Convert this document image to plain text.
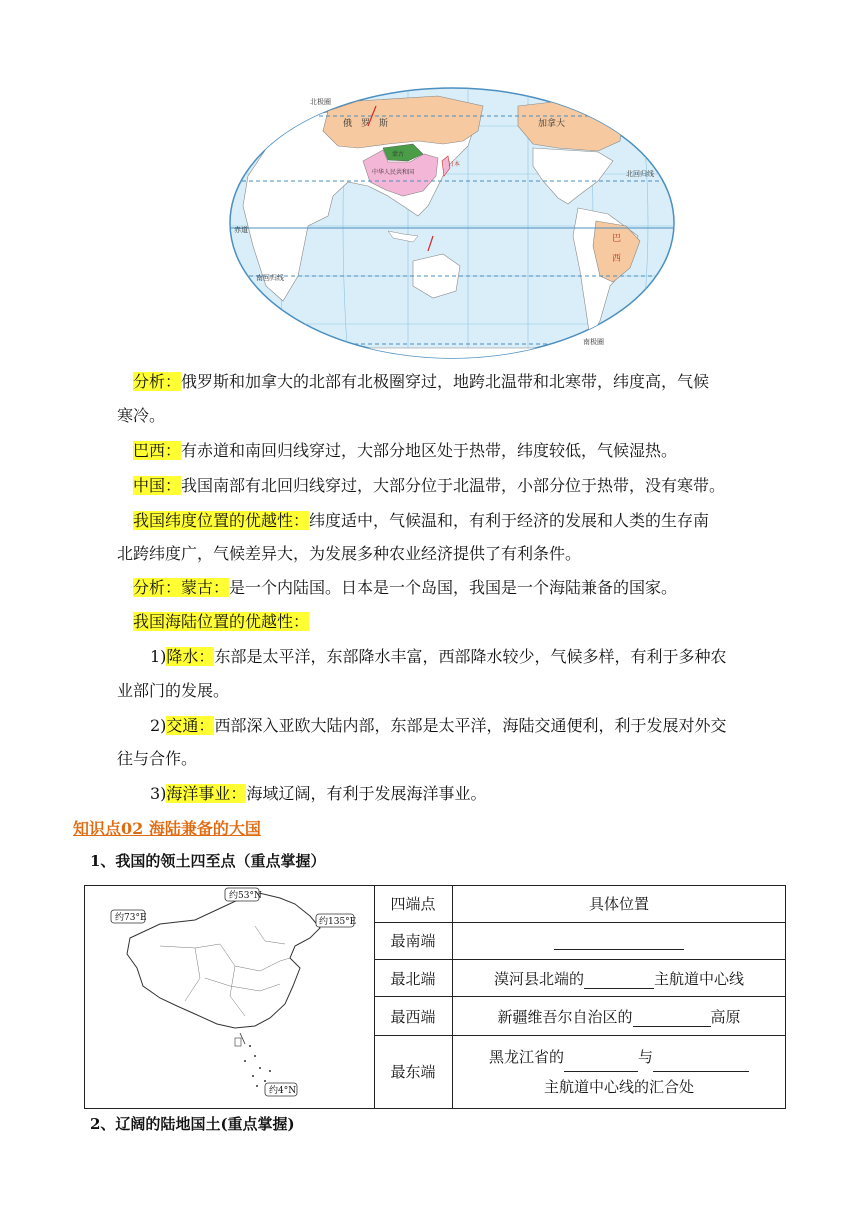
北极圈
北回归线
赤道
南回归线
南极圈
俄　罗　斯	加拿大
蒙古
中华人民共和国
日本
巴
西
分析：俄罗斯和加拿大的北部有北极圈穿过，地跨北温带和北寒带，纬度高，气候
寒冷。
巴西：有赤道和南回归线穿过，大部分地区处于热带，纬度较低，气候湿热。
中国：我国南部有北回归线穿过，大部分位于北温带，小部分位于热带，没有寒带。
我国纬度位置的优越性：纬度适中，气候温和，有利于经济的发展和人类的生存南
北跨纬度广，气候差异大，为发展多种农业经济提供了有利条件。
分析：蒙古：是一个内陆国。日本是一个岛国，我国是一个海陆兼备的国家。
我国海陆位置的优越性：
1)降水：东部是太平洋，东部降水丰富，西部降水较少，气候多样，有利于多种农
业部门的发展。
2)交通：西部深入亚欧大陆内部，东部是太平洋，海陆交通便利，利于发展对外交
往与合作。
3)海洋事业：海域辽阔，有利于发展海洋事业。
知识点02 海陆兼备的大国
1、我国的领土四至点（重点掌握）
约53°N
约73°E	约135°E
约4°N
四端点	具体位置
最南端	
最北端	漠河县北端的 主航道中心线
最西端	新疆维吾尔自治区的 高原
最东端	黑龙江省的 与
主航道中心线的汇合处
2、辽阔的陆地国土(重点掌握)
